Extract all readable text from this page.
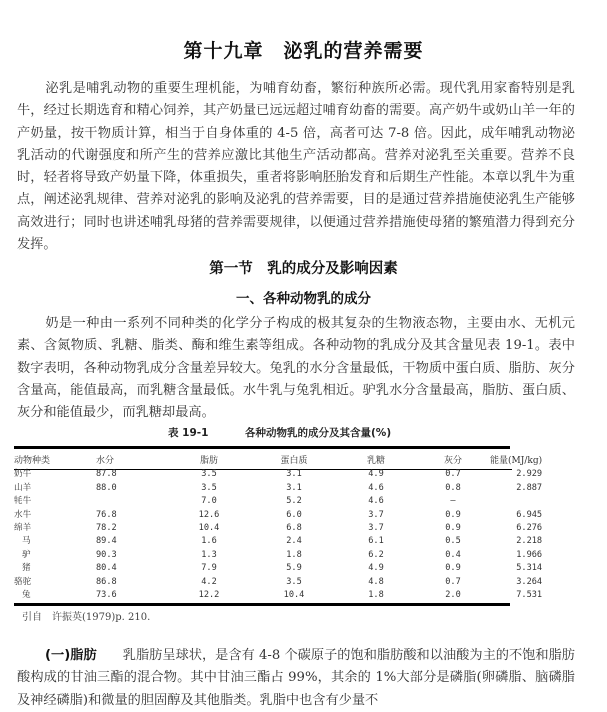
第十九章　泌乳的营养需要
泌乳是哺乳动物的重要生理机能，为哺育幼畜，繁衍种族所必需。现代乳用家畜特别是乳牛，经过长期选育和精心饲养，其产奶量已远远超过哺育幼畜的需要。高产奶牛或奶山羊一年的产奶量，按干物质计算，相当于自身体重的 4-5 倍，高者可达 7-8 倍。因此，成年哺乳动物泌乳活动的代谢强度和所产生的营养应激比其他生产活动都高。营养对泌乳至关重要。营养不良时，轻者将导致产奶量下降，体重损失，重者将影响胚胎发育和后期生产性能。本章以乳牛为重点，阐述泌乳规律、营养对泌乳的影响及泌乳的营养需要，目的是通过营养措施使泌乳生产能够高效进行；同时也讲述哺乳母猪的营养需要规律，以便通过营养措施使母猪的繁殖潜力得到充分发挥。
第一节　乳的成分及影响因素
一、各种动物乳的成分
奶是一种由一系列不同种类的化学分子构成的极其复杂的生物液态物，主要由水、无机元素、含氮物质、乳糖、脂类、酶和维生素等组成。各种动物的乳成分及其含量见表 19-1。表中数字表明，各种动物乳成分含量差异较大。兔乳的水分含量最低，干物质中蛋白质、脂肪、灰分含量高，能值最高，而乳糖含量最低。水牛乳与兔乳相近。驴乳水分含量最高，脂肪、蛋白质、灰分和能值最少，而乳糖却最高。
表 19-1	各种动物乳的成分及其含量(%)
动物种类	水分	脂肪	蛋白质	乳糖	灰分	能量(MJ/kg)
奶牛	87.8	3.5	3.1	4.9	0.7	2.929
山羊	88.0	3.5	3.1	4.6	0.8	2.887
牦牛		7.0	5.2	4.6	—	
水牛	76.8	12.6	6.0	3.7	0.9	6.945
绵羊	78.2	10.4	6.8	3.7	0.9	6.276
马	89.4	1.6	2.4	6.1	0.5	2.218
驴	90.3	1.3	1.8	6.2	0.4	1.966
猪	80.4	7.9	5.9	4.9	0.9	5.314
骆驼	86.8	4.2	3.5	4.8	0.7	3.264
兔	73.6	12.2	10.4	1.8	2.0	7.531
引自　许振英(1979)p. 210.
(一)脂肪 乳脂肪呈球状，是含有 4-8 个碳原子的饱和脂肪酸和以油酸为主的不饱和脂肪酸构成的甘油三酯的混合物。其中甘油三酯占 99%，其余的 1%大部分是磷脂(卵磷脂、脑磷脂及神经磷脂)和微量的胆固醇及其他脂类。乳脂中也含有少量不
